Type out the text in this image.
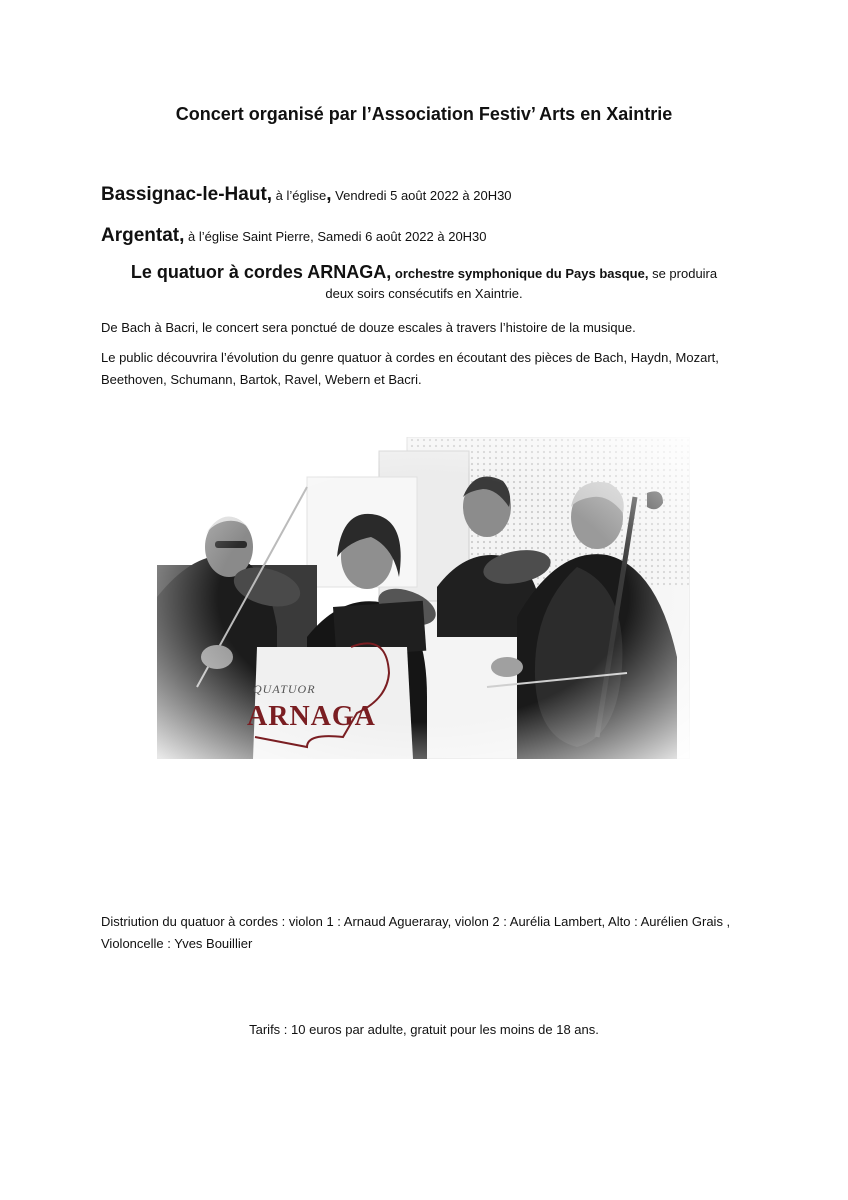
Concert organisé par l’Association Festiv’ Arts en Xaintrie
Bassignac-le-Haut, à l’église, Vendredi 5 août 2022 à 20H30
Argentat, à l’église Saint Pierre, Samedi 6 août 2022 à 20H30
Le quatuor à cordes ARNAGA, orchestre symphonique du Pays basque, se produira
deux soirs consécutifs en Xaintrie.
De Bach à Bacri, le concert sera ponctué de douze escales à travers l’histoire de la musique.
Le public découvrira l’évolution du genre quatuor à cordes en écoutant des pièces de Bach, Haydn, Mozart, Beethoven, Schumann, Bartok, Ravel, Webern et Bacri.
QUATUOR
ARNAGA
Distriution du quatuor à cordes : violon 1 : Arnaud Agueraray, violon 2 : Aurélia Lambert, Alto : Aurélien Grais , Violoncelle : Yves Bouillier
Tarifs : 10 euros par adulte, gratuit pour les moins de 18 ans.
